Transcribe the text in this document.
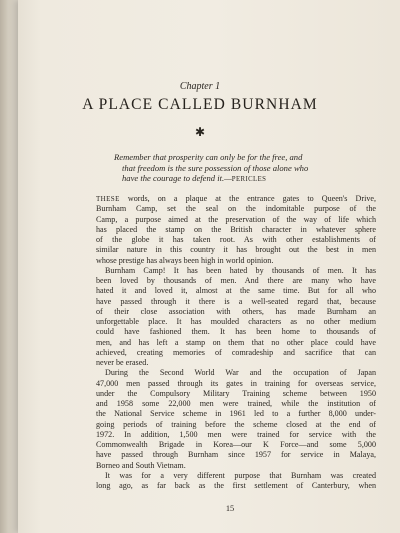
Chapter 1
A PLACE CALLED BURNHAM
✱
Remember that prosperity can only be for the free, and
that freedom is the sure possession of those alone who
have the courage to defend it.—PERICLES
THESE words, on a plaque at the entrance gates to Queen's Drive,
Burnham Camp, set the seal on the indomitable purpose of the
Camp, a purpose aimed at the preservation of the way of life which
has placed the stamp on the British character in whatever sphere
of the globe it has taken root. As with other establishments of
similar nature in this country it has brought out the best in men
whose prestige has always been high in world opinion.
Burnham Camp! It has been hated by thousands of men. It has
been loved by thousands of men. And there are many who have
hated it and loved it, almost at the same time. But for all who
have passed through it there is a well-seated regard that, because
of their close association with others, has made Burnham an
unforgettable place. It has moulded characters as no other medium
could have fashioned them. It has been home to thousands of
men, and has left a stamp on them that no other place could have
achieved, creating memories of comradeship and sacrifice that can
never be erased.
During the Second World War and the occupation of Japan
47,000 men passed through its gates in training for overseas service,
under the Compulsory Military Training scheme between 1950
and 1958 some 22,000 men were trained, while the institution of
the National Service scheme in 1961 led to a further 8,000 under-
going periods of training before the scheme closed at the end of
1972. In addition, 1,500 men were trained for service with the
Commonwealth Brigade in Korea—our K Force—and some 5,000
have passed through Burnham since 1957 for service in Malaya,
Borneo and South Vietnam.
It was for a very different purpose that Burnham was created
long ago, as far back as the first settlement of Canterbury, when
15
